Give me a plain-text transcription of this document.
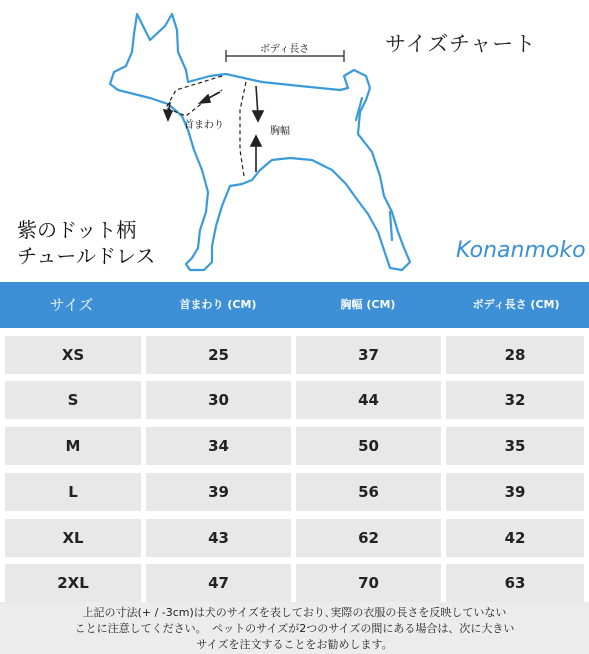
サイズチャート
ボディ長さ
首まわり
胸幅
紫のドット柄
チュールドレス	Konanmoko
サイズ	首まわり (CM)	胸幅 (CM)	ボディ長さ (CM)
XS	25	37	28
S	30	44	32
M	34	50	35
L	39	56	39
XL	43	62	42
2XL	47	70	63
上記の寸法(+ / -3cm)は犬のサイズを表しており､実際の衣服の長さを反映していない
ことに注意してください。　ペットのサイズが2つのサイズの間にある場合は、次に大きい
サイズを注文することをお勧めします。
